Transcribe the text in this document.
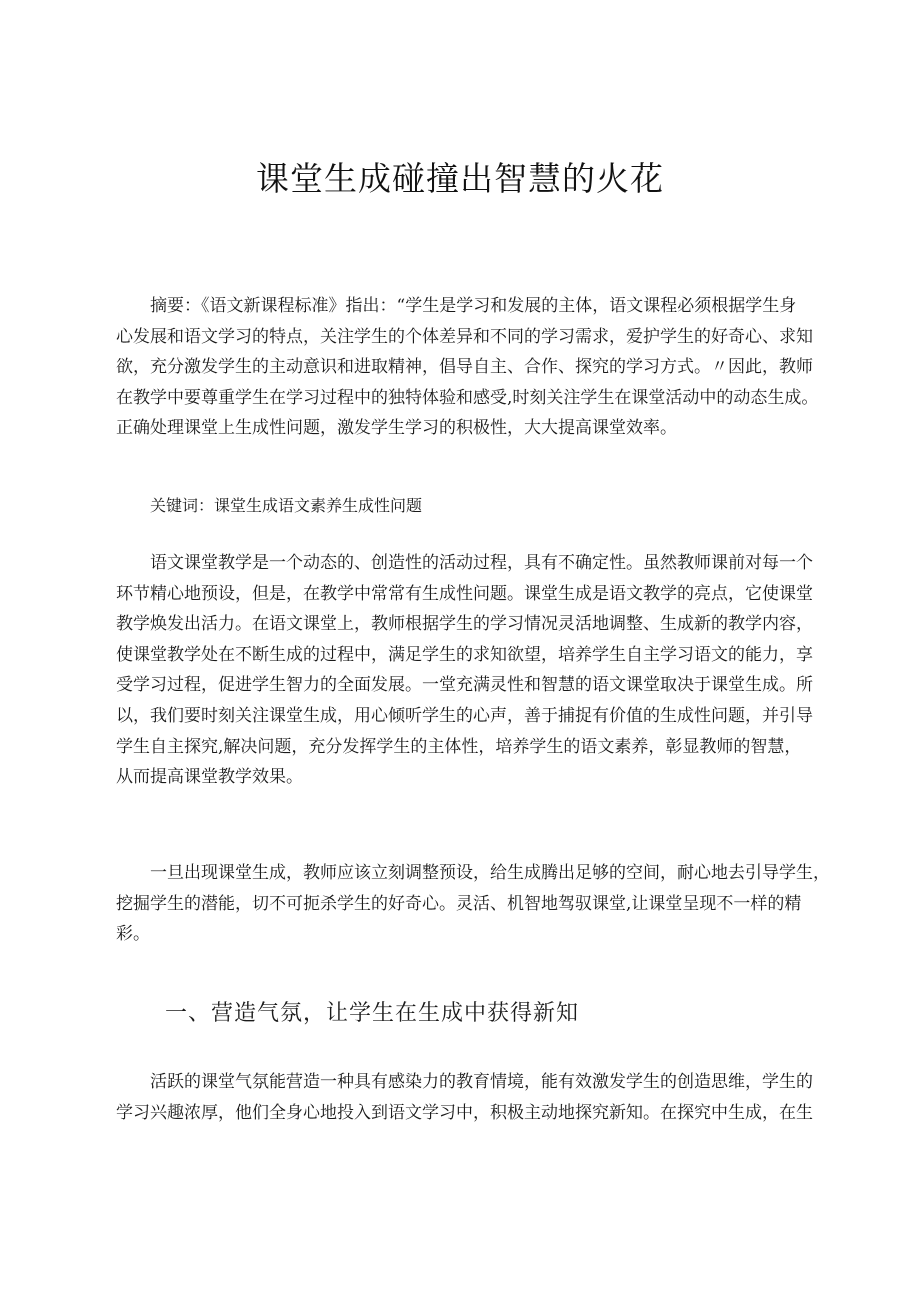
课堂生成碰撞出智慧的火花
摘要：《语文新课程标准》指出：“学生是学习和发展的主体，语文课程必须根据学生身
心发展和语文学习的特点，关注学生的个体差异和不同的学习需求，爱护学生的好奇心、求知
欲，充分激发学生的主动意识和进取精神，倡导自主、合作、探究的学习方式。〃因此，教师
在教学中要尊重学生在学习过程中的独特体验和感受,时刻关注学生在课堂活动中的动态生成。
正确处理课堂上生成性问题，激发学生学习的积极性，大大提高课堂效率。
关键词：课堂生成语文素养生成性问题
语文课堂教学是一个动态的、创造性的活动过程，具有不确定性。虽然教师课前对每一个
环节精心地预设，但是，在教学中常常有生成性问题。课堂生成是语文教学的亮点，它使课堂
教学焕发出活力。在语文课堂上，教师根据学生的学习情况灵活地调整、生成新的教学内容，
使课堂教学处在不断生成的过程中，满足学生的求知欲望，培养学生自主学习语文的能力，享
受学习过程，促进学生智力的全面发展。一堂充满灵性和智慧的语文课堂取决于课堂生成。所
以，我们要时刻关注课堂生成，用心倾听学生的心声，善于捕捉有价值的生成性问题，并引导
学生自主探究,解决问题，充分发挥学生的主体性，培养学生的语文素养，彰显教师的智慧，
从而提高课堂教学效果。
一旦出现课堂生成，教师应该立刻调整预设，给生成腾出足够的空间，耐心地去引导学生，
挖掘学生的潜能，切不可扼杀学生的好奇心。灵活、机智地驾驭课堂,让课堂呈现不一样的精
彩。
一、营造气氛，让学生在生成中获得新知
活跃的课堂气氛能营造一种具有感染力的教育情境，能有效激发学生的创造思维，学生的
学习兴趣浓厚，他们全身心地投入到语文学习中，积极主动地探究新知。在探究中生成，在生
